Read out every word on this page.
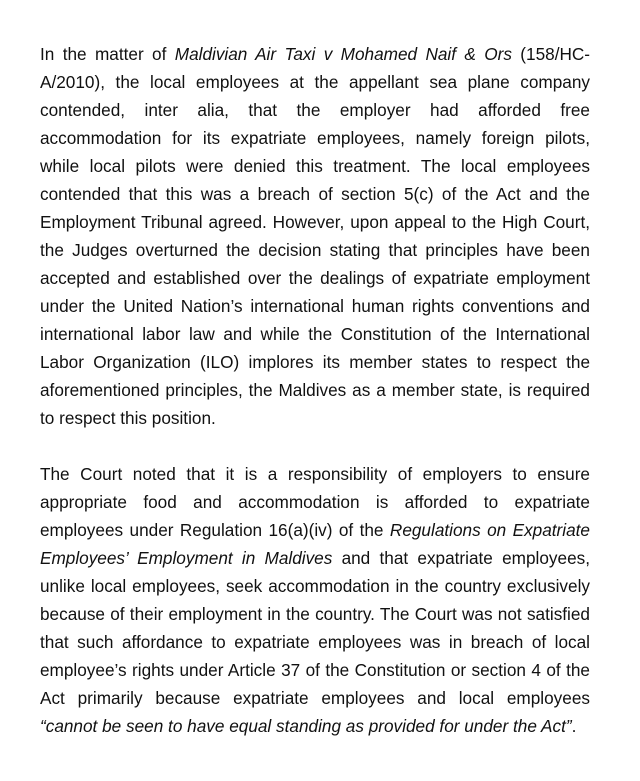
In the matter of Maldivian Air Taxi v Mohamed Naif & Ors (158/HC-A/2010), the local employees at the appellant sea plane company contended, inter alia, that the employer had afforded free accommodation for its expatriate employees, namely foreign pilots, while local pilots were denied this treatment. The local employees contended that this was a breach of section 5(c) of the Act and the Employment Tribunal agreed. However, upon appeal to the High Court, the Judges overturned the decision stating that principles have been accepted and established over the dealings of expatriate employment under the United Nation’s international human rights conventions and international labor law and while the Constitution of the International Labor Organization (ILO) implores its member states to respect the aforementioned principles, the Maldives as a member state, is required to respect this position.

The Court noted that it is a responsibility of employers to ensure appropriate food and accommodation is afforded to expatriate employees under Regulation 16(a)(iv) of the Regulations on Expatriate Employees’ Employment in Maldives and that expatriate employees, unlike local employees, seek accommodation in the country exclusively because of their employment in the country. The Court was not satisfied that such affordance to expatriate employees was in breach of local employee’s rights under Article 37 of the Constitution or section 4 of the Act primarily because expatriate employees and local employees “cannot be seen to have equal standing as provided for under the Act”.
